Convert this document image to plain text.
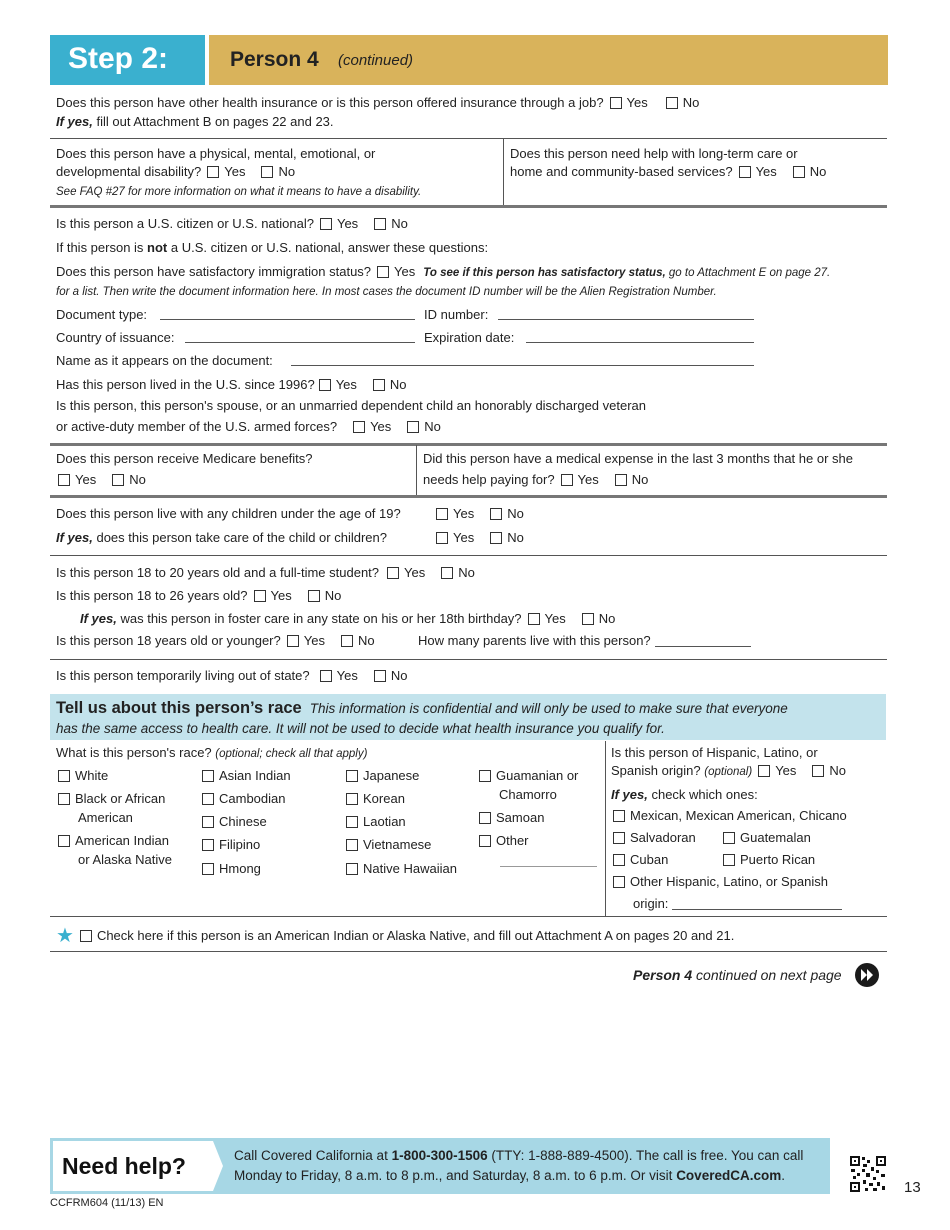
Step 2:	Person 4 (continued)
Does this person have other health insurance or is this person offered insurance through a job? Yes	No
If yes, fill out Attachment B on pages 22 and 23.
Does this person have a physical, mental, emotional, or
developmental disability? Yes	No
See FAQ #27 for more information on what it means to have a disability.
Does this person need help with long-term care or
home and community-based services? Yes	No
Is this person a U.S. citizen or U.S. national? Yes	No
If this person is not a U.S. citizen or U.S. national, answer these questions:
Does this person have satisfactory immigration status? Yes To see if this person has satisfactory status, go to Attachment E on page 27.
for a list. Then write the document information here. In most cases the document ID number will be the Alien Registration Number.
Document type:	ID number:
Country of issuance:	Expiration date:
Name as it appears on the document:
Has this person lived in the U.S. since 1996? Yes	No
Is this person, this person's spouse, or an unmarried dependent child an honorably discharged veteran
or active-duty member of the U.S. armed forces?	Yes	No
Does this person receive Medicare benefits?
Yes	No
Did this person have a medical expense in the last 3 months that he or she
needs help paying for? Yes	No
Does this person live with any children under the age of 19?	Yes	No
If yes, does this person take care of the child or children?	Yes	No
Is this person 18 to 20 years old and a full-time student? Yes	No
Is this person 18 to 26 years old? Yes	No
If yes, was this person in foster care in any state on his or her 18th birthday? Yes	No
Is this person 18 years old or younger? Yes	No	How many parents live with this person?
Is this person temporarily living out of state? Yes	No
Tell us about this person’s race This information is confidential and will only be used to make sure that everyone
has the same access to health care. It will not be used to decide what health insurance you qualify for.
What is this person's race? (optional; check all that apply)
White
Black or African
American
American Indian
or Alaska Native
Asian Indian
Cambodian
Chinese
Filipino
Hmong
Japanese
Korean
Laotian
Vietnamese
Native Hawaiian
Guamanian or
Chamorro
Samoan
Other
Is this person of Hispanic, Latino, or
Spanish origin? (optional) Yes	No
If yes, check which ones:
Mexican, Mexican American, Chicano
Salvadoran	Guatemalan
Cuban	Puerto Rican
Other Hispanic, Latino, or Spanish
origin:
★ Check here if this person is an American Indian or Alaska Native, and fill out Attachment A on pages 20 and 21.
Person 4 continued on next page
Need help?	Call Covered California at 1-800-300-1506 (TTY: 1-888-889-4500). The call is free. You can call
Monday to Friday, 8 a.m. to 8 p.m., and Saturday, 8 a.m. to 6 p.m. Or visit CoveredCA.com.
13
CCFRM604 (11/13) EN
